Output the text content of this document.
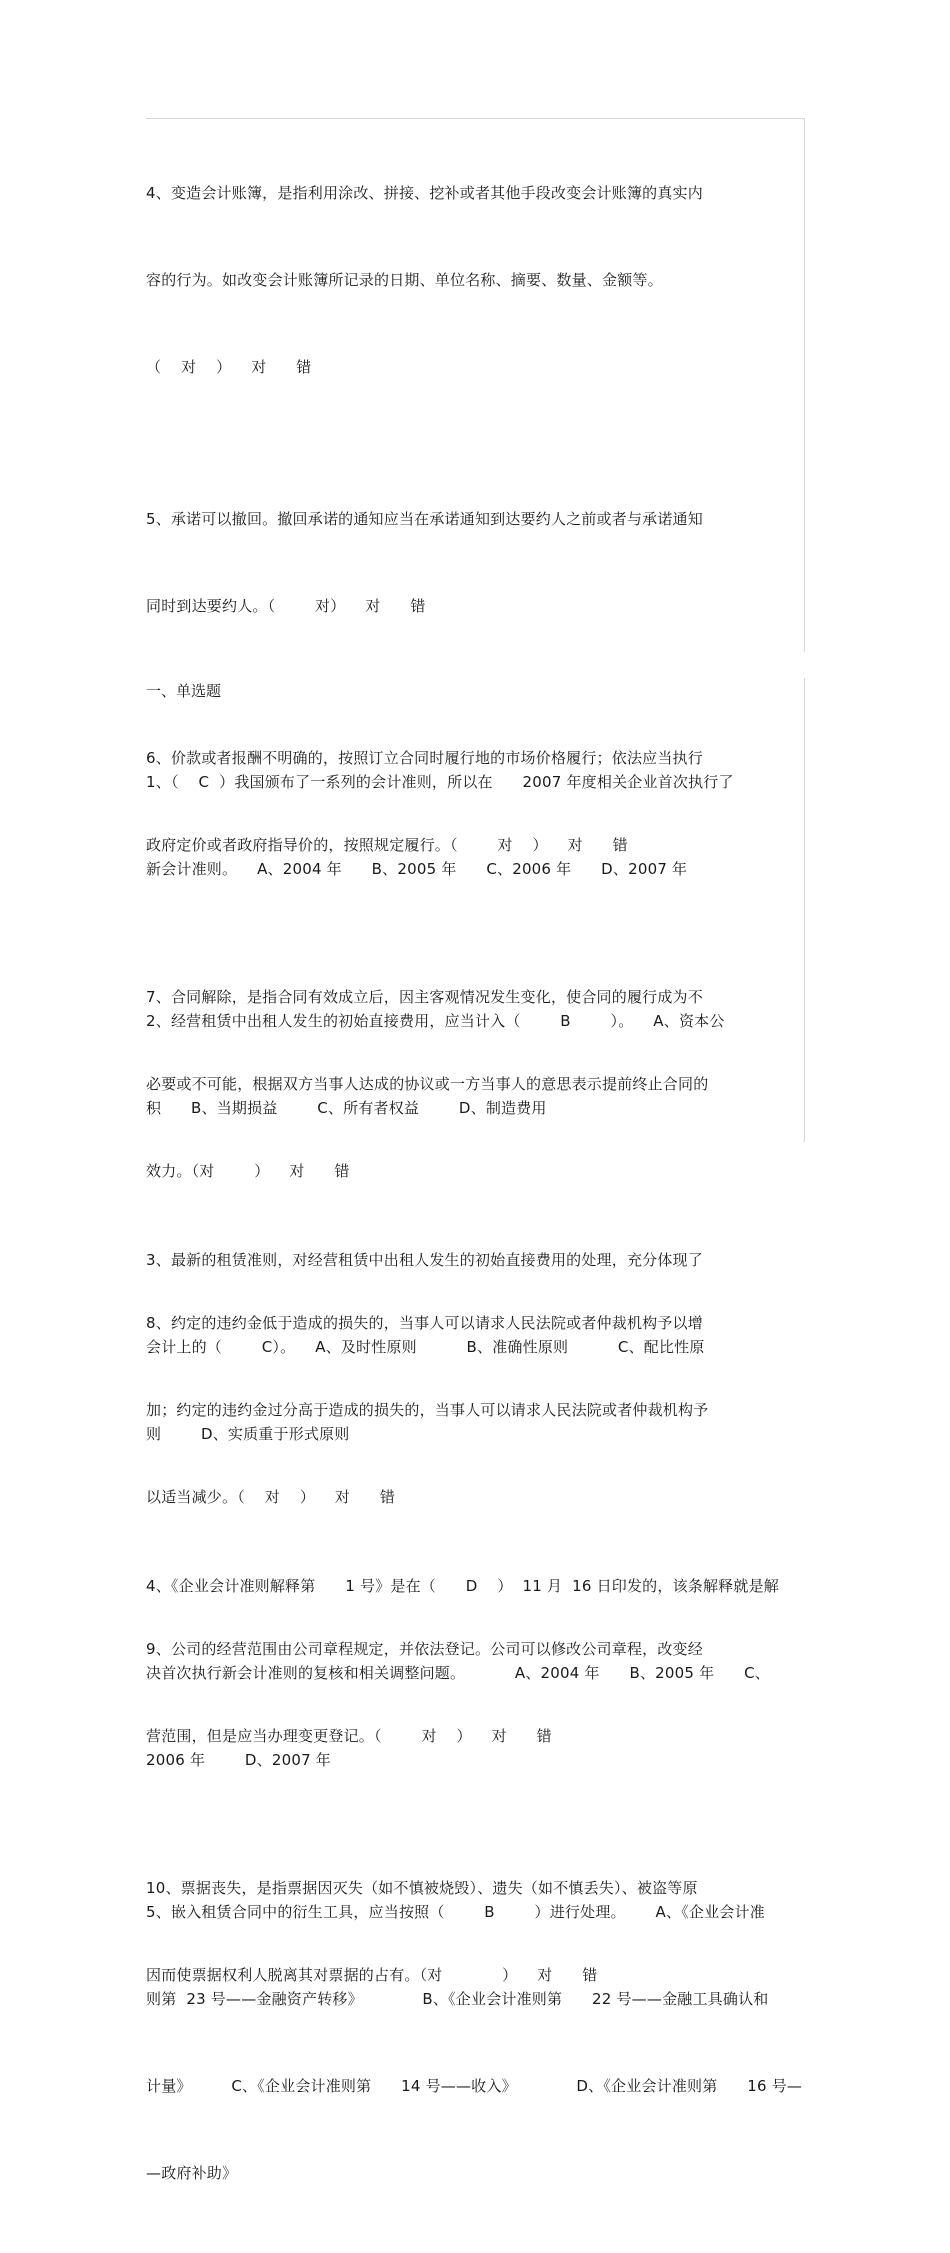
4、变造会计账簿，是指利用涂改、拼接、挖补或者其他手段改变会计账簿的真实内

容的行为。如改变会计账簿所记录的日期、单位名称、摘要、数量、金额等。

（    对    ）    对      错

5、承诺可以撤回。撤回承诺的通知应当在承诺通知到达要约人之前或者与承诺通知

同时到达要约人。（        对）    对      错

6、价款或者报酬不明确的，按照订立合同时履行地的市场价格履行；依法应当执行

政府定价或者政府指导价的，按照规定履行。（        对    ）    对      错

7、合同解除，是指合同有效成立后，因主客观情况发生变化，使合同的履行成为不

必要或不可能，根据双方当事人达成的协议或一方当事人的意思表示提前终止合同的

效力。（对        ）    对      错

8、约定的违约金低于造成的损失的，当事人可以请求人民法院或者仲裁机构予以增

加；约定的违约金过分高于造成的损失的，当事人可以请求人民法院或者仲裁机构予

以适当减少。（    对    ）    对      错

9、公司的经营范围由公司章程规定，并依法登记。公司可以修改公司章程，改变经

营范围，但是应当办理变更登记。（        对    ）    对      错

10、票据丧失，是指票据因灭失（如不慎被烧毁）、遗失（如不慎丢失）、被盗等原

因而使票据权利人脱离其对票据的占有。（对            ）    对      错

一、单选题

1、（    C  ）我国颁布了一系列的会计准则，所以在      2007 年度相关企业首次执行了

新会计准则。    A、2004 年      B、2005 年      C、2006 年      D、2007 年

2、经营租赁中出租人发生的初始直接费用，应当计入（        B        ）。    A、资本公

积      B、当期损益        C、所有者权益        D、制造费用

3、最新的租赁准则，对经营租赁中出租人发生的初始直接费用的处理，充分体现了

会计上的（        C）。    A、及时性原则          B、准确性原则          C、配比性原

则        D、实质重于形式原则

4、《企业会计准则解释第      1 号》是在（      D    ）  11 月  16 日印发的，该条解释就是解

决首次执行新会计准则的复核和相关调整问题。          A、2004 年      B、2005 年      C、

2006 年        D、2007 年

5、嵌入租赁合同中的衍生工具，应当按照（        B        ）进行处理。      A、《企业会计准

则第  23 号——金融资产转移》            B、《企业会计准则第      22 号——金融工具确认和

计量》        C、《企业会计准则第      14 号——收入》            D、《企业会计准则第      16 号—

—政府补助》
